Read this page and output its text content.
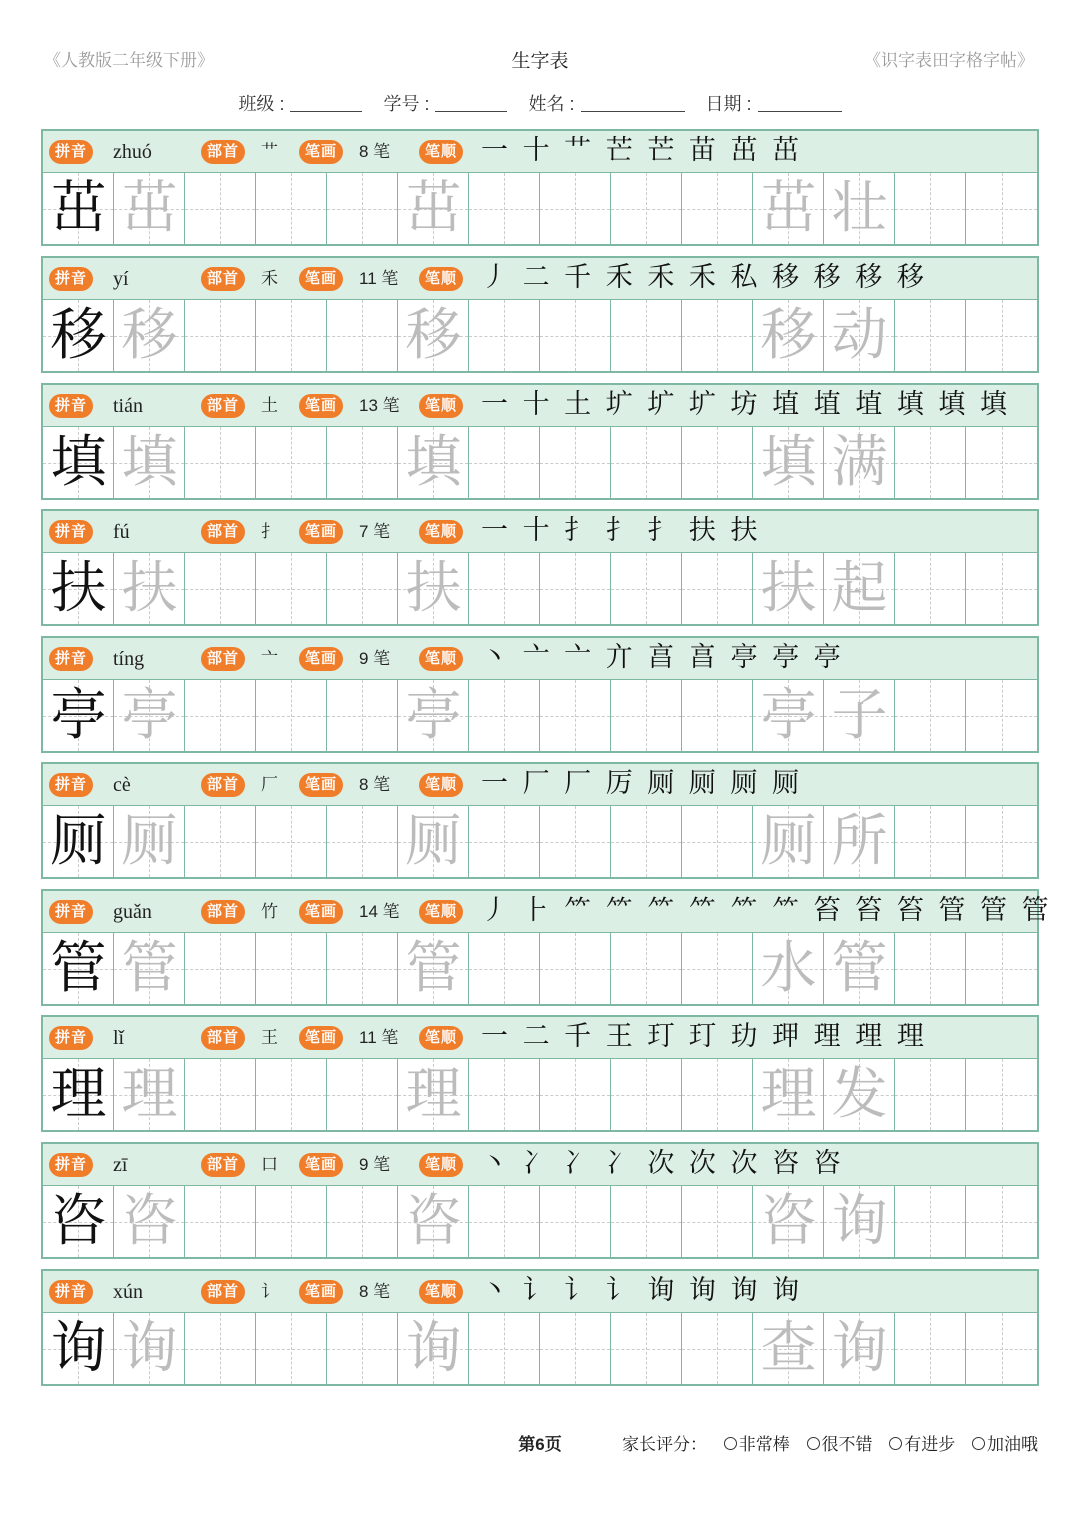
《人教版二年级下册》	生字表	《识字表田字格字帖》
班级 :	学号 :	姓名 :	日期 :
拼音	zhuó	部首	艹	笔画	8 笔	笔顺 一 十 艹 芒 芒 苗 茁 茁
茁 茁	茁	茁 壮
拼音	yí	部首	禾	笔画	11 笔	笔顺 丿 二 千 禾 禾 禾 私 移 移 移 移
移 移	移	移 动
拼音	tián	部首	土	笔画	13 笔	笔顺 一 十 土 圹 圹 圹 坊 埴 埴 埴 填 填 填
填 填	填	填 满
拼音	fú	部首	扌	笔画	7 笔	笔顺 一 十 扌 扌 扌 扶 扶
扶 扶	扶	扶 起
拼音	tíng	部首	亠	笔画	9 笔	笔顺 丶 亠 亠 亣 亯 亯 亭 亭 亭
亭 亭	亭	亭 子
拼音	cè	部首	厂	笔画	8 笔	笔顺 一 厂 厂 厉 厕 厕 厕 厕
厕 厕	厕	厕 所
拼音	guǎn	部首	竹	笔画	14 笔	笔顺 丿 ⺊ ⺮ ⺮ ⺮ ⺮ ⺮ ⺮ 笞 笞 笞 管 管 管
管 管	管	水 管
拼音	lǐ	部首	王	笔画	11 笔	笔顺 一 二 千 王 玎 玎 玏 玾 理 理 理
理 理	理	理 发
拼音	zī	部首	口	笔画	9 笔	笔顺 丶 冫 冫 冫 次 次 次 咨 咨
咨 咨	咨	咨 询
拼音	xún	部首	讠	笔画	8 笔	笔顺 丶 讠 讠 讠 询 询 询 询
询 询	询	查 询
第6页	家长评分： 非常棒 很不错 有进步 加油哦
